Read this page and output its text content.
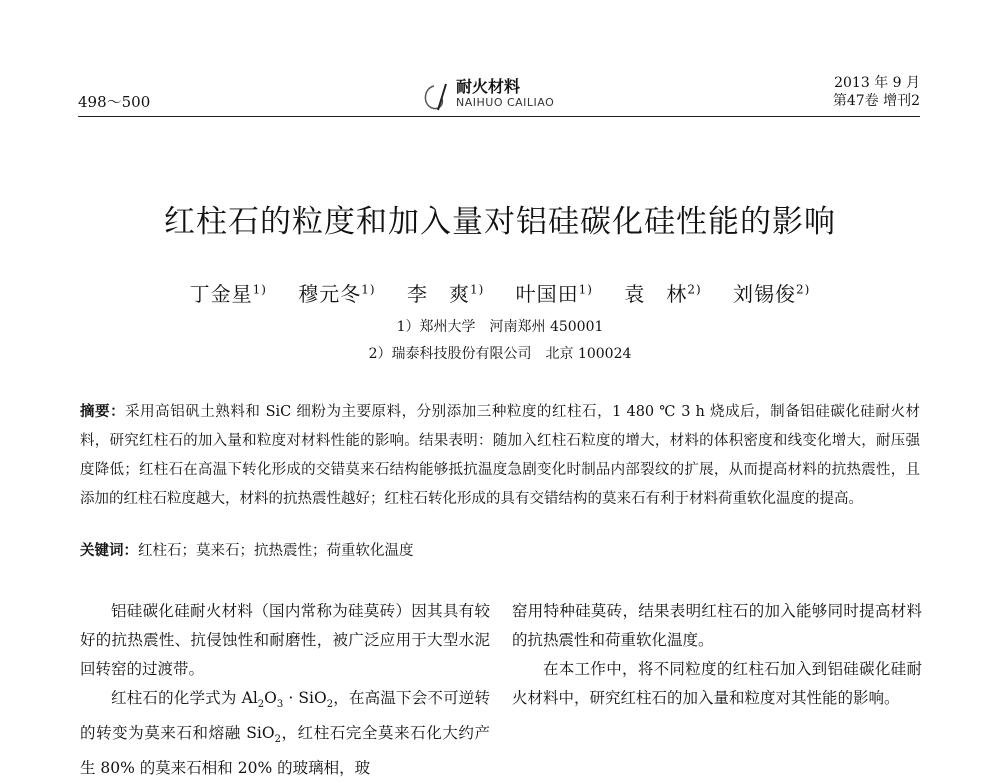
498～500
耐火材料
NAIHUO CAILIAO
2013 年 9 月
第47卷 增刊2
红柱石的粒度和加入量对铝硅碳化硅性能的影响
丁金星$^{1)}$ 穆元冬$^{1)}$ 李　爽$^{1)}$ 叶国田$^{1)}$ 袁　林$^{2)}$ 刘锡俊$^{2)}$
1）郑州大学　河南郑州 450001
2）瑞泰科技股份有限公司　北京 100024
摘要：采用高铝矾土熟料和 SiC 细粉为主要原料，分别添加三种粒度的红柱石，1 480 ℃ 3 h 烧成后，制备铝硅碳化硅耐火材料，研究红柱石的加入量和粒度对材料性能的影响。结果表明：随加入红柱石粒度的增大，材料的体积密度和线变化增大，耐压强度降低；红柱石在高温下转化形成的交错莫来石结构能够抵抗温度急剧变化时制品内部裂纹的扩展，从而提高材料的抗热震性，且添加的红柱石粒度越大，材料的抗热震性越好；红柱石转化形成的具有交错结构的莫来石有利于材料荷重软化温度的提高。
关键词：红柱石；莫来石；抗热震性；荷重软化温度

铝硅碳化硅耐火材料（国内常称为硅莫砖）因其具有较好的抗热震性、抗侵蚀性和耐磨性，被广泛应用于大型水泥回转窑的过渡带。

红柱石的化学式为 $Al_2O_3 \cdot SiO_2$，在高温下会不可逆转的转变为莫来石和熔融 SiO$_2$，红柱石完全莫来石化大约产生 80% 的莫来石相和 20% 的玻璃相，玻

窑用特种硅莫砖，结果表明红柱石的加入能够同时提高材料的抗热震性和荷重软化温度。

在本工作中，将不同粒度的红柱石加入到铝硅碳化硅耐火材料中，研究红柱石的加入量和粒度对其性能的影响。
